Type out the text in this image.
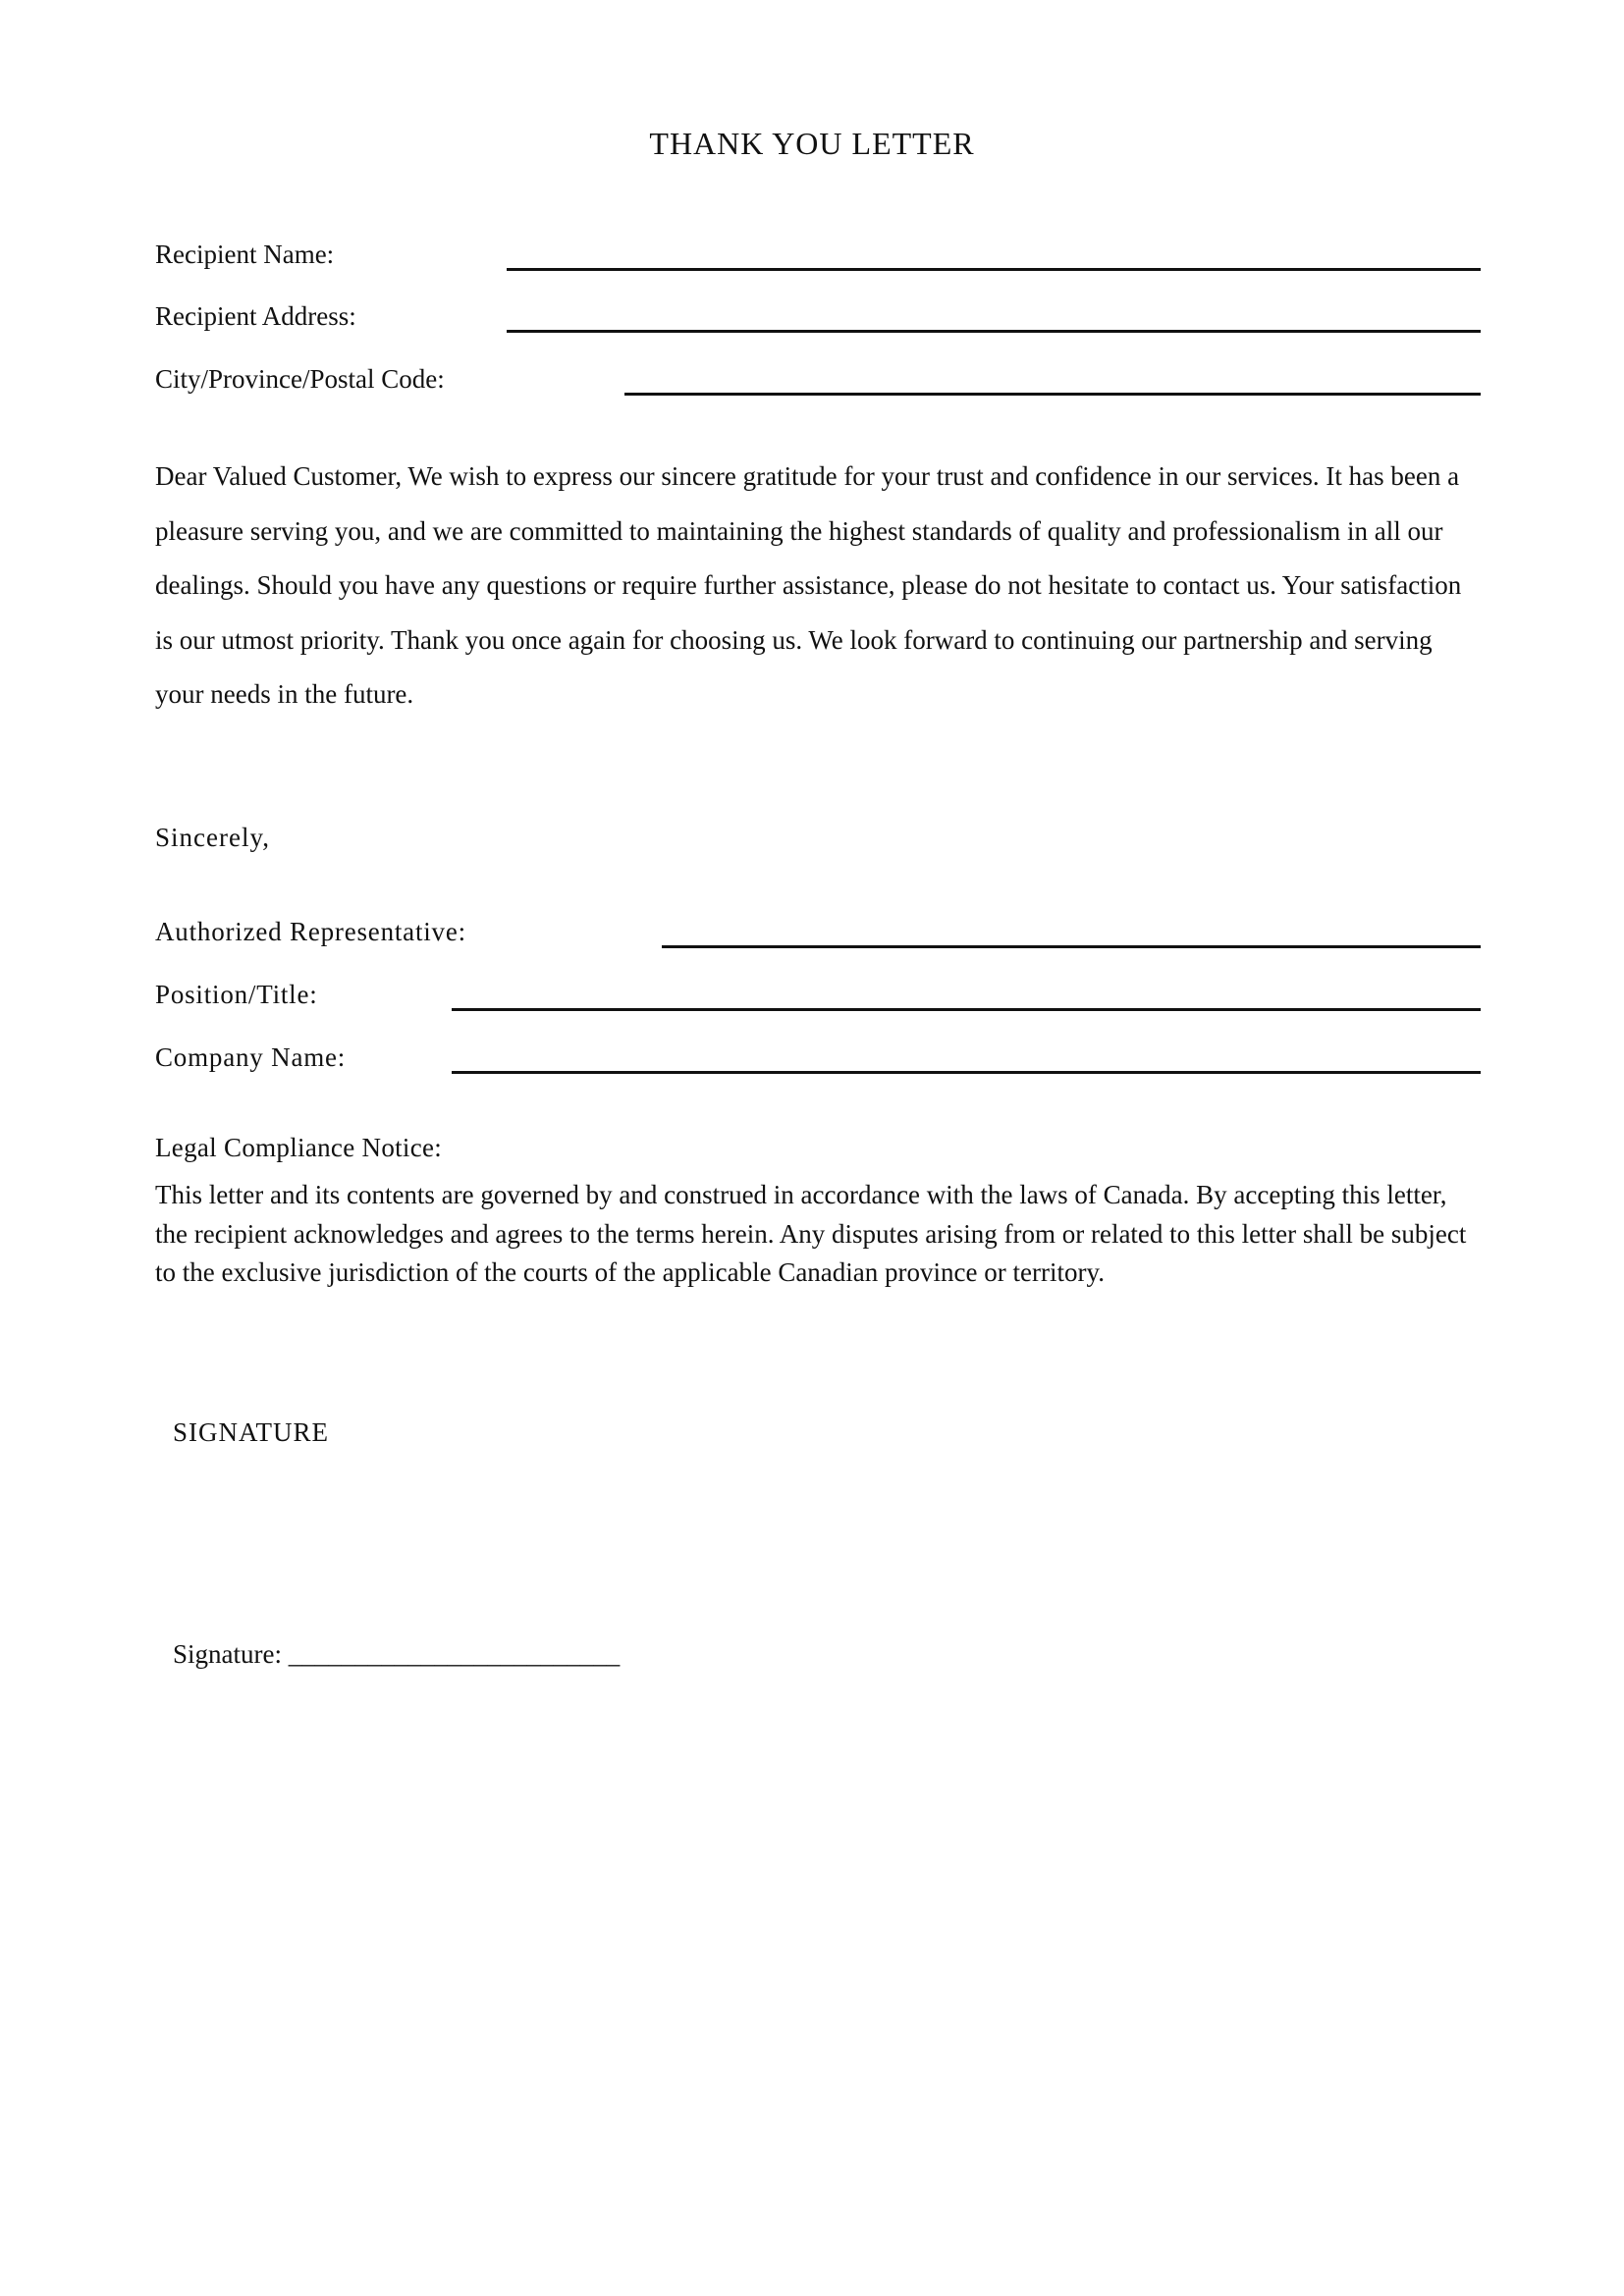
THANK YOU LETTER
Recipient Name:
Recipient Address:
City/Province/Postal Code:
Dear Valued Customer, We wish to express our sincere gratitude for your trust and confidence in our services. It has been a pleasure serving you, and we are committed to maintaining the highest standards of quality and professionalism in all our dealings. Should you have any questions or require further assistance, please do not hesitate to contact us. Your satisfaction is our utmost priority. Thank you once again for choosing us. We look forward to continuing our partnership and serving your needs in the future.
Sincerely,
Authorized Representative:
Position/Title:
Company Name:
Legal Compliance Notice:
This letter and its contents are governed by and construed in accordance with the laws of Canada. By accepting this letter, the recipient acknowledges and agrees to the terms herein. Any disputes arising from or related to this letter shall be subject to the exclusive jurisdiction of the courts of the applicable Canadian province or territory.
SIGNATURE
Signature: _________________________
